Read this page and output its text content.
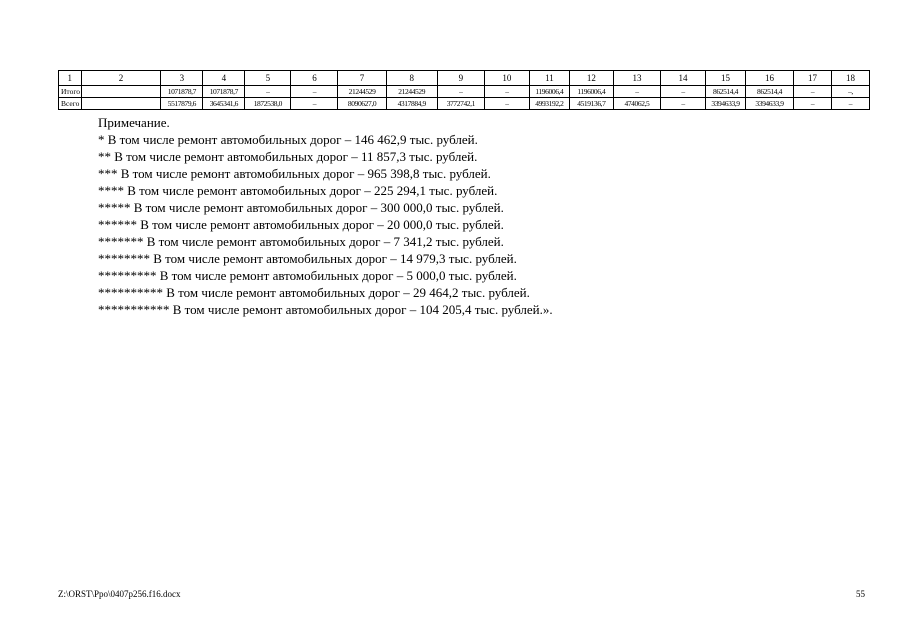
1	2	3	4	5	6	7	8	9	10	11	12	13	14	15	16	17	18
Итого		1071878,7	1071878,7	–	–	21244529	21244529	–	–	1196006,4	1196006,4	–	–	862514,4	862514,4	–	–,
Всего		5517879,6	3645341,6	1872538,0	–	8090627,0	4317884,9	3772742,1	–	4993192,2	4519136,7	474062,5	–	3394633,9	3394633,9	–	–
Примечание.
* В том числе ремонт автомобильных дорог – 146 462,9 тыс. рублей.
** В том числе ремонт автомобильных дорог – 11 857,3 тыс. рублей.
*** В том числе ремонт автомобильных дорог – 965 398,8 тыс. рублей.
**** В том числе ремонт автомобильных дорог – 225 294,1 тыс. рублей.
***** В том числе ремонт автомобильных дорог – 300 000,0 тыс. рублей.
****** В том числе ремонт автомобильных дорог – 20 000,0 тыс. рублей.
******* В том числе ремонт автомобильных дорог – 7 341,2 тыс. рублей.
******** В том числе ремонт автомобильных дорог – 14 979,3 тыс. рублей.
********* В том числе ремонт автомобильных дорог – 5 000,0 тыс. рублей.
********** В том числе ремонт автомобильных дорог – 29 464,2 тыс. рублей.
*********** В том числе ремонт автомобильных дорог – 104 205,4 тыс. рублей.».
Z:\ORST\Ppo\0407p256.f16.docx	55
